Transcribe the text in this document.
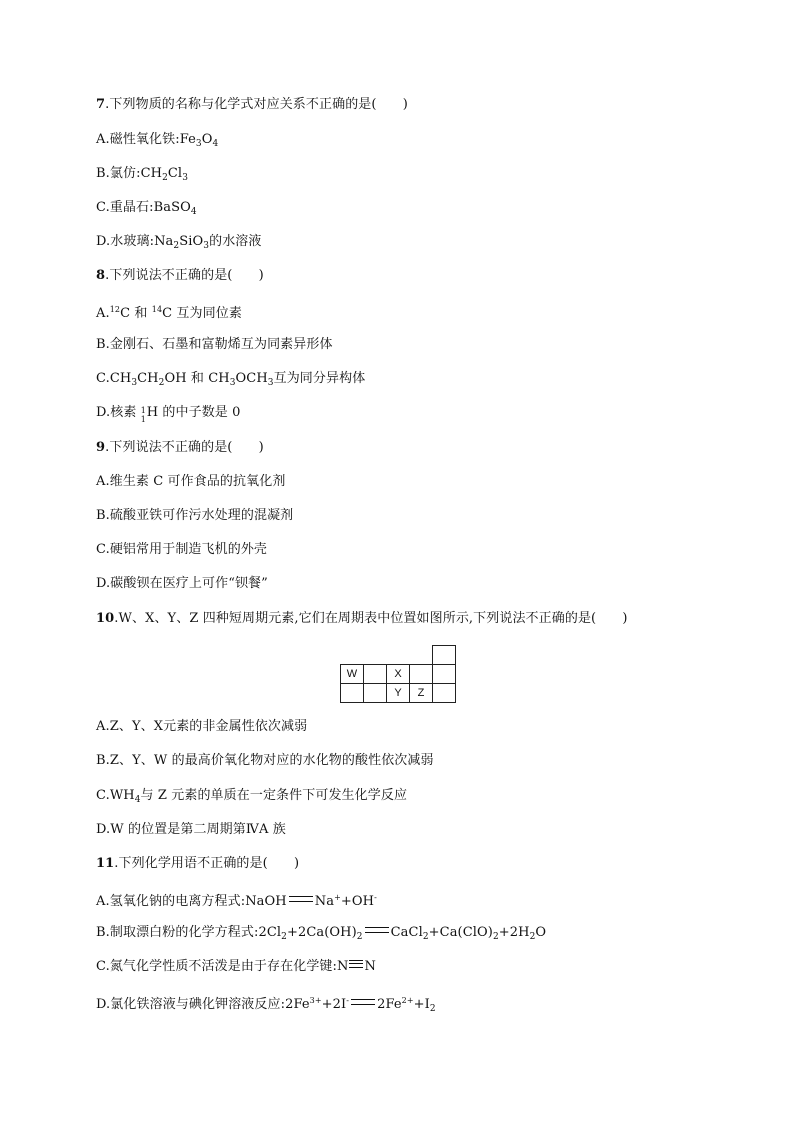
7.下列物质的名称与化学式对应关系不正确的是(　　)
A.磁性氧化铁$:Fe_3O_4$
B.氯仿$:CH_2Cl_3$
C.重晶石:BaSO$_4$
D.水玻璃$:Na_2SiO_3$的水溶液
8.下列说法不正确的是(　　)
A.$^{12}$C 和 $^{14}$C 互为同位素
B.金刚石、石墨和富勒烯互为同素异形体
$C.CH_3CH_2OH$ 和 $CH_3OCH_3$互为同分异构体
D.核素 1
1 H 的中子数是 0
9.下列说法不正确的是(　　)
A.维生素 C 可作食品的抗氧化剂
B.硫酸亚铁可作污水处理的混凝剂
C.硬铝常用于制造飞机的外壳
D.碳酸钡在医疗上可作“钡餐”
10.W、X、Y、Z 四种短周期元素,它们在周期表中位置如图所示,下列说法不正确的是(　　)

W		X		
		Y	Z	
A.Z、Y、X元素的非金属性依次减弱
B.Z、Y、W 的最高价氧化物对应的水化物的酸性依次减弱
$C.WH_4$与 Z 元素的单质在一定条件下可发生化学反应
D.W 的位置是第二周期第ⅣA 族
11.下列化学用语不正确的是(　　)
A.氢氧化钠的电离方程式:NaOH Na++OH-
B.制取漂白粉的化学方程式$:2Cl_2+2Ca(OH)_2$ $CaCl_2+Ca(ClO)_2+2H_2O$
C.氮气化学性质不活泼是由于存在化学键:N N
D.氯化铁溶液与碘化钾溶液反应$:2Fe^{3+}+2I^-$ $2Fe^{2+}+I_2$
